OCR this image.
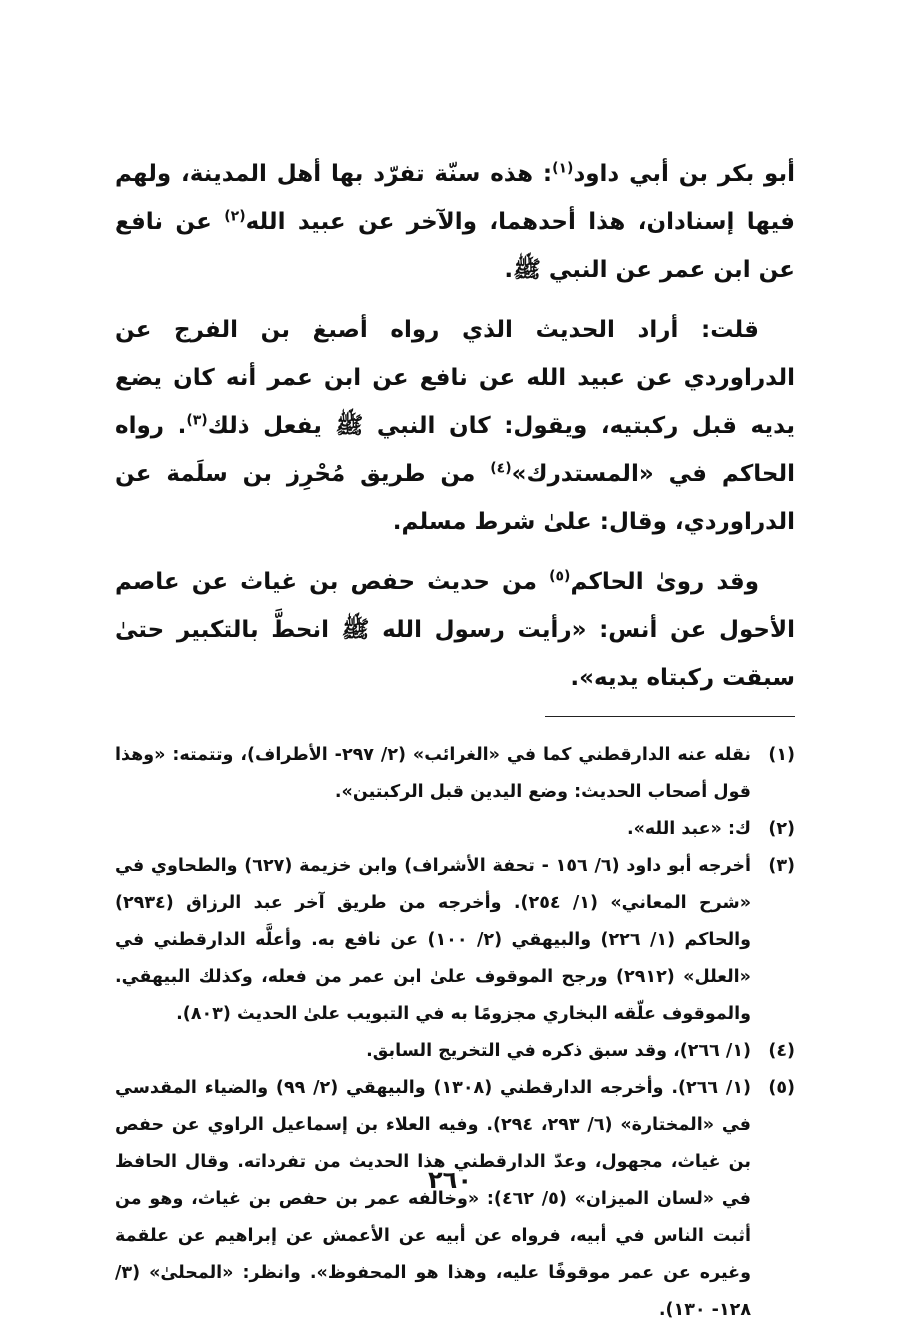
أبو بكر بن أبي داود$^{(١)}$: هذه سنّة تفرّد بها أهل المدينة، ولهم فيها إسنادان، هذا أحدهما، والآخر عن عبيد الله$^{(٢)}$ عن نافع عن ابن عمر عن النبي ﷺ.

قلت: أراد الحديث الذي رواه أصبغ بن الفرج عن الدراوردي عن عبيد الله عن نافع عن ابن عمر أنه كان يضع يديه قبل ركبتيه، ويقول: كان النبي ﷺ يفعل ذلك$^{(٣)}$. رواه الحاكم في «المستدرك»$^{(٤)}$ من طريق مُحْرِز بن سلَمة عن الدراوردي، وقال: علىٰ شرط مسلم.

وقد روىٰ الحاكم$^{(٥)}$ من حديث حفص بن غياث عن عاصم الأحول عن أنس: «رأيت رسول الله ﷺ انحطَّ بالتكبير حتىٰ سبقت ركبتاه يديه».

(١)
نقله عنه الدارقطني كما في «الغرائب» (٢/ ٢٩٧- الأطراف)، وتتمته: «وهذا قول أصحاب الحديث: وضع اليدين قبل الركبتين».
(٢)
ك: «عبد الله».
(٣)
أخرجه أبو داود (٦/ ١٥٦ - تحفة الأشراف) وابن خزيمة (٦٢٧) والطحاوي في «شرح المعاني» (١/ ٢٥٤). وأخرجه من طريق آخر عبد الرزاق (٢٩٣٤) والحاكم (١/ ٢٢٦) والبيهقي (٢/ ١٠٠) عن نافع به. وأعلَّه الدارقطني في «العلل» (٢٩١٢) ورجح الموقوف علىٰ ابن عمر من فعله، وكذلك البيهقي. والموقوف علّقه البخاري مجزومًا به في التبويب علىٰ الحديث (٨٠٣).
(٤)
(١/ ٢٦٦)، وقد سبق ذكره في التخريج السابق.
(٥)
(١/ ٢٦٦). وأخرجه الدارقطني (١٣٠٨) والبيهقي (٢/ ٩٩) والضياء المقدسي في «المختارة» (٦/ ٢٩٣، ٢٩٤). وفيه العلاء بن إسماعيل الراوي عن حفص بن غياث، مجهول، وعدّ الدارقطني هذا الحديث من تفرداته. وقال الحافظ في «لسان الميزان» (٥/ ٤٦٢): «وخالفه عمر بن حفص بن غياث، وهو من أثبت الناس في أبيه، فرواه عن أبيه عن الأعمش عن إبراهيم عن علقمة وغيره عن عمر موقوفًا عليه، وهذا هو المحفوظ». وانظر: «المحلىٰ» (٣/ ١٢٨- ١٣٠).
٢٦٠
